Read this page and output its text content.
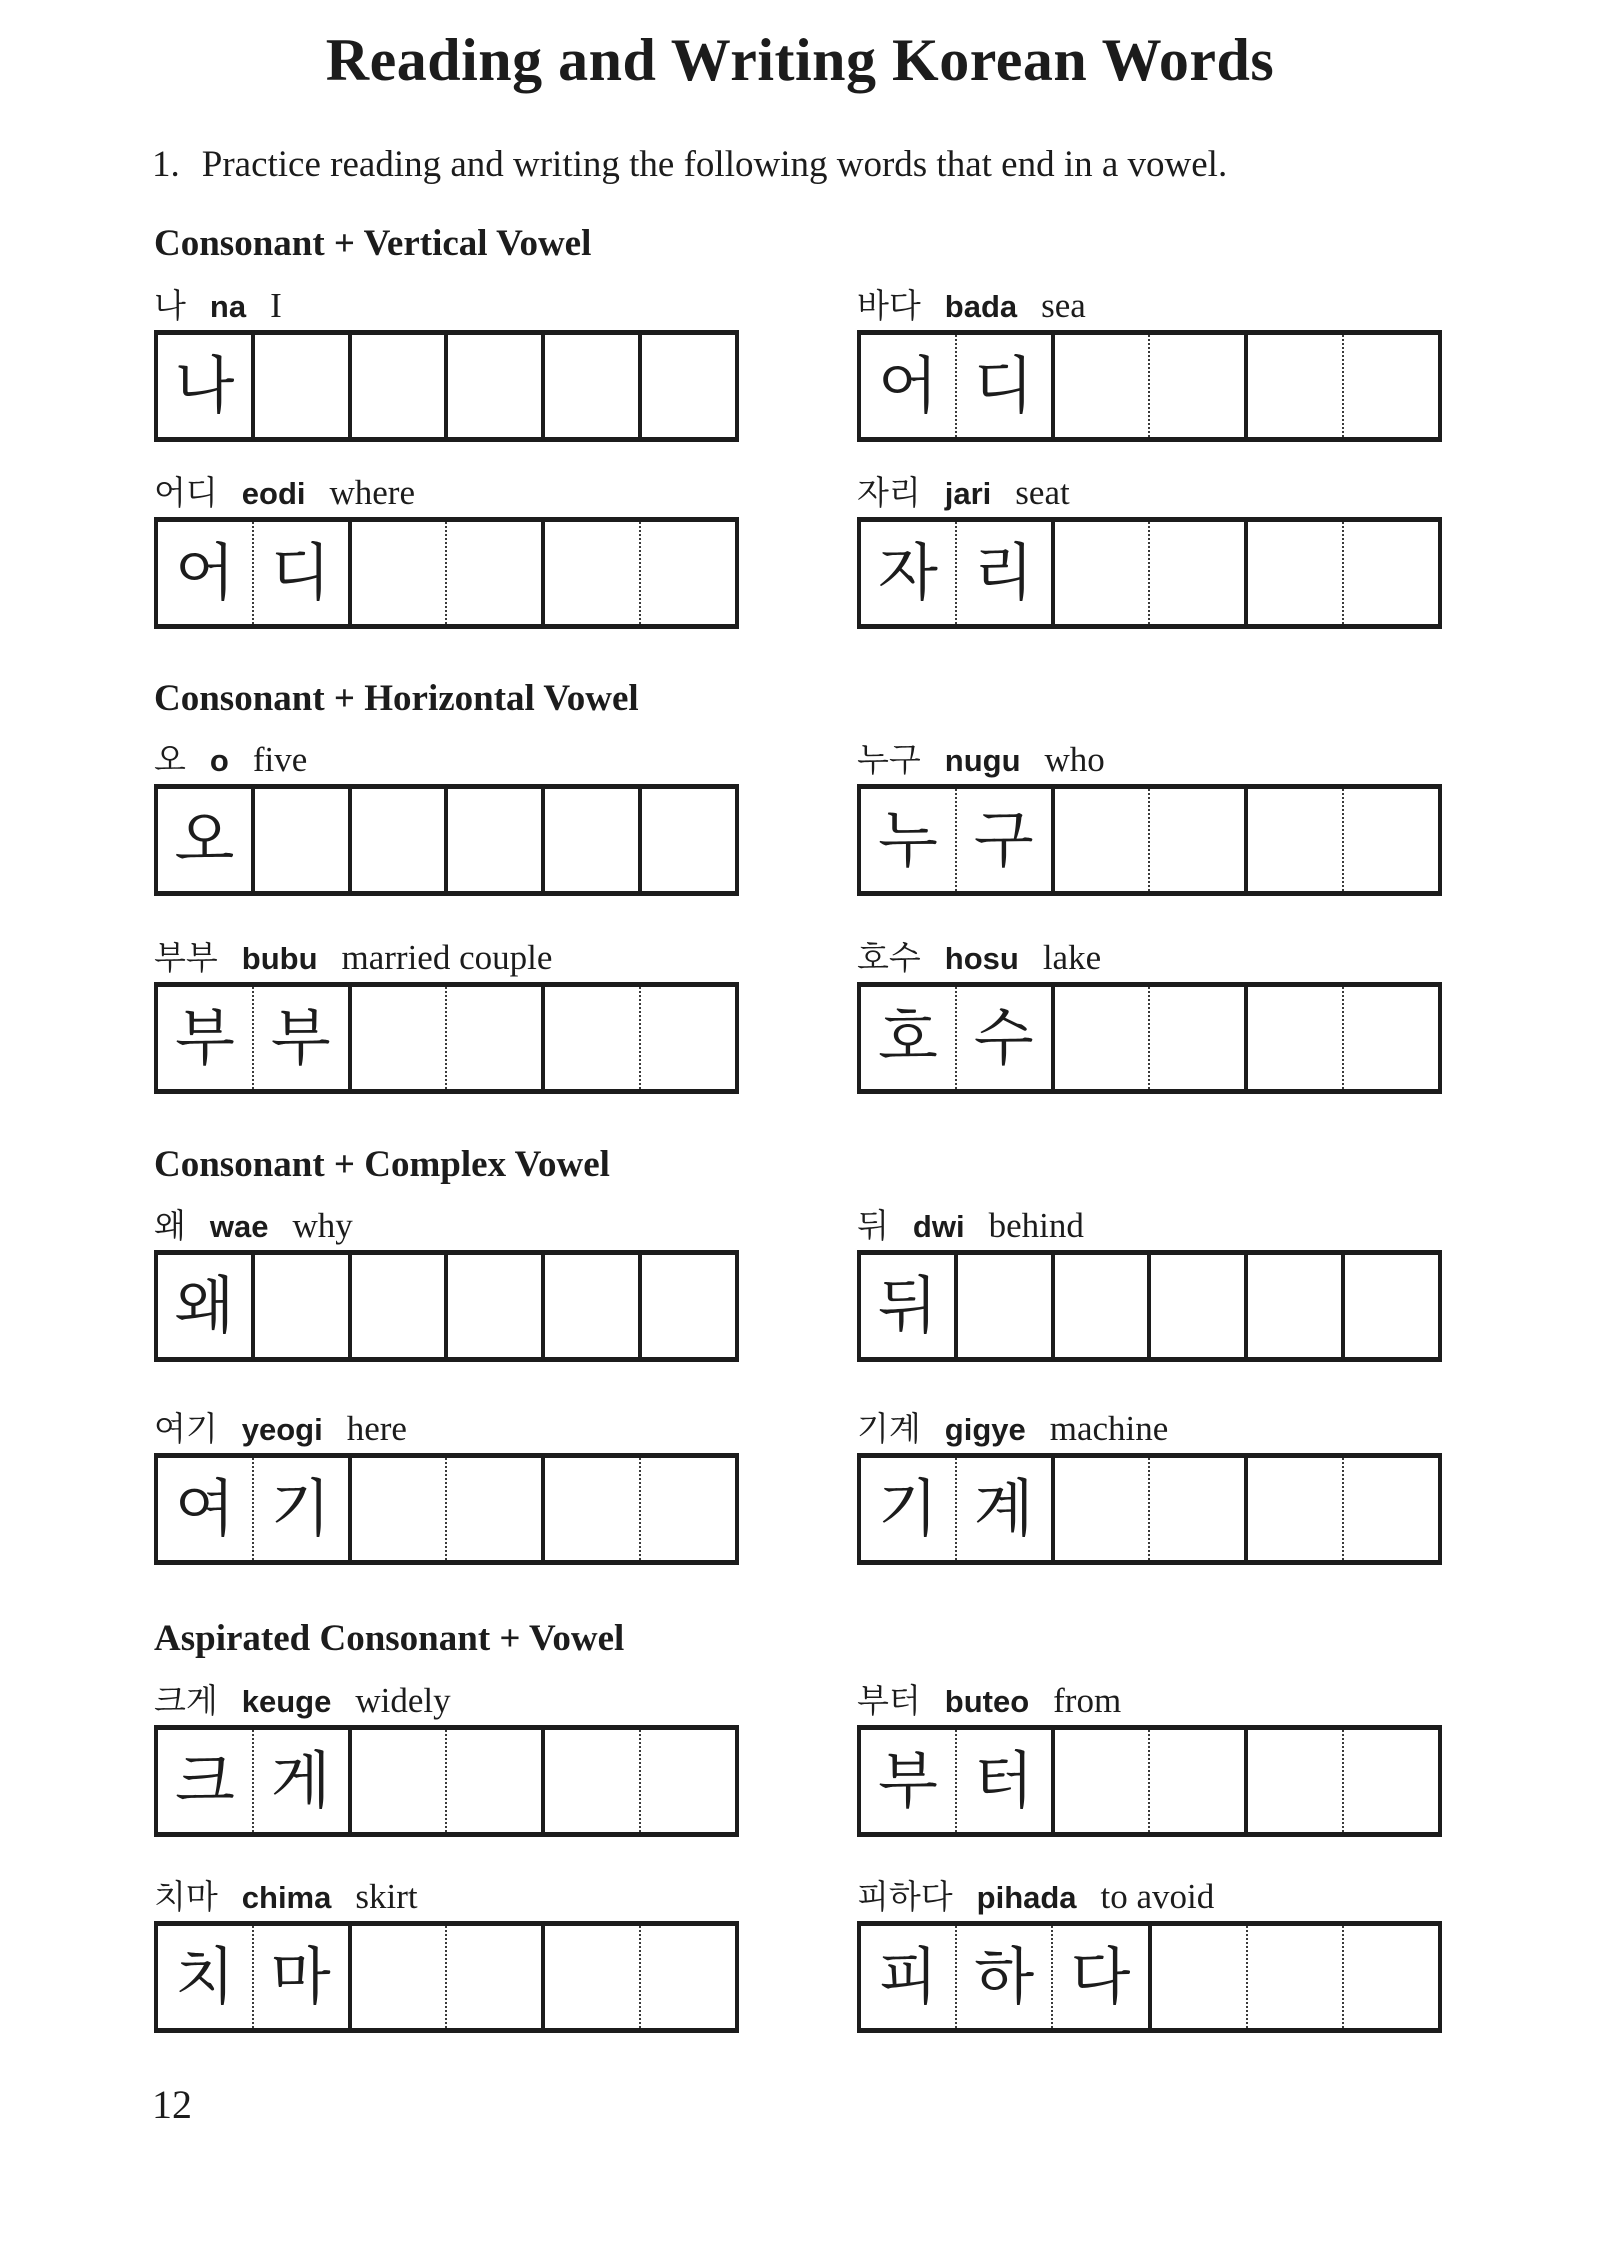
Reading and Writing Korean Words

1. Practice reading and writing the following words that end in a vowel.

Consonant + Vertical Vowel
나 na I
나
바다 bada sea
어 디
어디 eodi where
어 디
자리 jari seat
자 리
Consonant + Horizontal Vowel
오 o five
오
누구 nugu who
누 구
부부 bubu married couple
부 부
호수 hosu lake
호 수
Consonant + Complex Vowel
왜 wae why
왜
뒤 dwi behind
뒤
여기 yeogi here
여 기
기계 gigye machine
기 계
Aspirated Consonant + Vowel
크게 keuge widely
크 게
부터 buteo from
부 터
치마 chima skirt
치 마
피하다 pihada to avoid
피 하 다

12
